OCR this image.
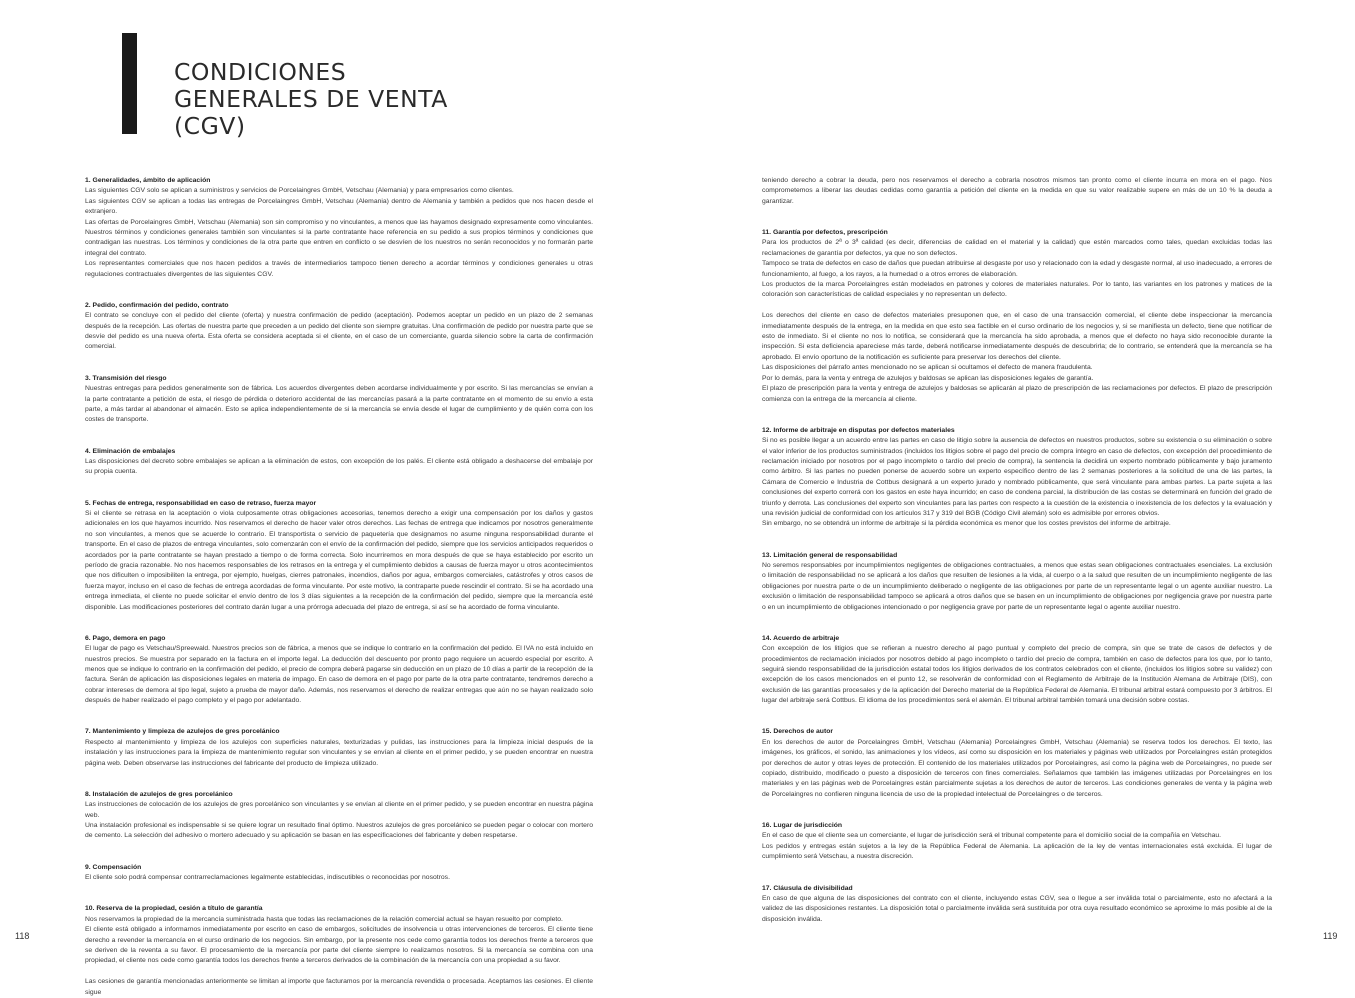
CONDICIONES
GENERALES DE VENTA
(CGV)
1. Generalidades, ámbito de aplicación
Las siguientes CGV solo se aplican a suministros y servicios de Porcelaingres GmbH, Vetschau (Alemania) y para empresarios como clientes.
Las siguientes CGV se aplican a todas las entregas de Porcelaingres GmbH, Vetschau (Alemania) dentro de Alemania y también a pedidos que nos hacen desde el extranjero.
Las ofertas de Porcelaingres GmbH, Vetschau (Alemania) son sin compromiso y no vinculantes, a menos que las hayamos designado expresamente como vinculantes. Nuestros términos y condiciones generales también son vinculantes si la parte contratante hace referencia en su pedido a sus propios términos y condiciones que contradigan las nuestras. Los términos y condiciones de la otra parte que entren en conflicto o se desvíen de los nuestros no serán reconocidos y no formarán parte integral del contrato.
Los representantes comerciales que nos hacen pedidos a través de intermediarios tampoco tienen derecho a acordar términos y condiciones generales u otras regulaciones contractuales divergentes de las siguientes CGV.
2. Pedido, confirmación del pedido, contrato
El contrato se concluye con el pedido del cliente (oferta) y nuestra confirmación de pedido (aceptación). Podemos aceptar un pedido en un plazo de 2 semanas después de la recepción. Las ofertas de nuestra parte que preceden a un pedido del cliente son siempre gratuitas. Una confirmación de pedido por nuestra parte que se desvíe del pedido es una nueva oferta. Esta oferta se considera aceptada si el cliente, en el caso de un comerciante, guarda silencio sobre la carta de confirmación comercial.
3. Transmisión del riesgo
Nuestras entregas para pedidos generalmente son de fábrica. Los acuerdos divergentes deben acordarse individualmente y por escrito. Si las mercancías se envían a la parte contratante a petición de esta, el riesgo de pérdida o deterioro accidental de las mercancías pasará a la parte contratante en el momento de su envío a esta parte, a más tardar al abandonar el almacén. Esto se aplica independientemente de si la mercancía se envía desde el lugar de cumplimiento y de quién corra con los costes de transporte.
4. Eliminación de embalajes
Las disposiciones del decreto sobre embalajes se aplican a la eliminación de estos, con excepción de los palés. El cliente está obligado a deshacerse del embalaje por su propia cuenta.
5. Fechas de entrega, responsabilidad en caso de retraso, fuerza mayor
Si el cliente se retrasa en la aceptación o viola culposamente otras obligaciones accesorias, tenemos derecho a exigir una compensación por los daños y gastos adicionales en los que hayamos incurrido. Nos reservamos el derecho de hacer valer otros derechos. Las fechas de entrega que indicamos por nosotros generalmente no son vinculantes, a menos que se acuerde lo contrario. El transportista o servicio de paquetería que designamos no asume ninguna responsabilidad durante el transporte. En el caso de plazos de entrega vinculantes, solo comenzarán con el envío de la confirmación del pedido, siempre que los servicios anticipados requeridos o acordados por la parte contratante se hayan prestado a tiempo o de forma correcta. Solo incurriremos en mora después de que se haya establecido por escrito un período de gracia razonable. No nos hacemos responsables de los retrasos en la entrega y el cumplimiento debidos a causas de fuerza mayor u otros acontecimientos que nos dificulten o imposibiliten la entrega, por ejemplo, huelgas, cierres patronales, incendios, daños por agua, embargos comerciales, catástrofes y otros casos de fuerza mayor, incluso en el caso de fechas de entrega acordadas de forma vinculante. Por este motivo, la contraparte puede rescindir el contrato. Si se ha acordado una entrega inmediata, el cliente no puede solicitar el envío dentro de los 3 días siguientes a la recepción de la confirmación del pedido, siempre que la mercancía esté disponible. Las modificaciones posteriores del contrato darán lugar a una prórroga adecuada del plazo de entrega, si así se ha acordado de forma vinculante.
6. Pago, demora en pago
El lugar de pago es Vetschau/Spreewald. Nuestros precios son de fábrica, a menos que se indique lo contrario en la confirmación del pedido. El IVA no está incluido en nuestros precios. Se muestra por separado en la factura en el importe legal. La deducción del descuento por pronto pago requiere un acuerdo especial por escrito. A menos que se indique lo contrario en la confirmación del pedido, el precio de compra deberá pagarse sin deducción en un plazo de 10 días a partir de la recepción de la factura. Serán de aplicación las disposiciones legales en materia de impago. En caso de demora en el pago por parte de la otra parte contratante, tendremos derecho a cobrar intereses de demora al tipo legal, sujeto a prueba de mayor daño. Además, nos reservamos el derecho de realizar entregas que aún no se hayan realizado solo después de haber realizado el pago completo y el pago por adelantado.
7. Mantenimiento y limpieza de azulejos de gres porcelánico
Respecto al mantenimiento y limpieza de los azulejos con superficies naturales, texturizadas y pulidas, las instrucciones para la limpieza inicial después de la instalación y las instrucciones para la limpieza de mantenimiento regular son vinculantes y se envían al cliente en el primer pedido, y se pueden encontrar en nuestra página web. Deben observarse las instrucciones del fabricante del producto de limpieza utilizado.
8. Instalación de azulejos de gres porcelánico
Las instrucciones de colocación de los azulejos de gres porcelánico son vinculantes y se envían al cliente en el primer pedido, y se pueden encontrar en nuestra página web.
Una instalación profesional es indispensable si se quiere lograr un resultado final óptimo. Nuestros azulejos de gres porcelánico se pueden pegar o colocar con mortero de cemento. La selección del adhesivo o mortero adecuado y su aplicación se basan en las especificaciones del fabricante y deben respetarse.
9. Compensación
El cliente solo podrá compensar contrarreclamaciones legalmente establecidas, indiscutibles o reconocidas por nosotros.
10. Reserva de la propiedad, cesión a título de garantía
Nos reservamos la propiedad de la mercancía suministrada hasta que todas las reclamaciones de la relación comercial actual se hayan resuelto por completo.
El cliente está obligado a informarnos inmediatamente por escrito en caso de embargos, solicitudes de insolvencia u otras intervenciones de terceros. El cliente tiene derecho a revender la mercancía en el curso ordinario de los negocios. Sin embargo, por la presente nos cede como garantía todos los derechos frente a terceros que se deriven de la reventa a su favor. El procesamiento de la mercancía por parte del cliente siempre lo realizamos nosotros. Si la mercancía se combina con una propiedad, el cliente nos cede como garantía todos los derechos frente a terceros derivados de la combinación de la mercancía con una propiedad a su favor.
Las cesiones de garantía mencionadas anteriormente se limitan al importe que facturamos por la mercancía revendida o procesada. Aceptamos las cesiones. El cliente sigue
teniendo derecho a cobrar la deuda, pero nos reservamos el derecho a cobrarla nosotros mismos tan pronto como el cliente incurra en mora en el pago. Nos comprometemos a liberar las deudas cedidas como garantía a petición del cliente en la medida en que su valor realizable supere en más de un 10 % la deuda a garantizar.
11. Garantía por defectos, prescripción
Para los productos de 2ª o 3ª calidad (es decir, diferencias de calidad en el material y la calidad) que estén marcados como tales, quedan excluidas todas las reclamaciones de garantía por defectos, ya que no son defectos.
Tampoco se trata de defectos en caso de daños que puedan atribuirse al desgaste por uso y relacionado con la edad y desgaste normal, al uso inadecuado, a errores de funcionamiento, al fuego, a los rayos, a la humedad o a otros errores de elaboración.
Los productos de la marca Porcelaingres están modelados en patrones y colores de materiales naturales. Por lo tanto, las variantes en los patrones y matices de la coloración son características de calidad especiales y no representan un defecto.
Los derechos del cliente en caso de defectos materiales presuponen que, en el caso de una transacción comercial, el cliente debe inspeccionar la mercancía inmediatamente después de la entrega, en la medida en que esto sea factible en el curso ordinario de los negocios y, si se manifiesta un defecto, tiene que notificar de esto de inmediato. Si el cliente no nos lo notifica, se considerará que la mercancía ha sido aprobada, a menos que el defecto no haya sido reconocible durante la inspección. Si esta deficiencia apareciese más tarde, deberá notificarse inmediatamente después de descubrirla; de lo contrario, se entenderá que la mercancía se ha aprobado. El envío oportuno de la notificación es suficiente para preservar los derechos del cliente.
Las disposiciones del párrafo antes mencionado no se aplican si ocultamos el defecto de manera fraudulenta.
Por lo demás, para la venta y entrega de azulejos y baldosas se aplican las disposiciones legales de garantía.
El plazo de prescripción para la venta y entrega de azulejos y baldosas se aplicarán al plazo de prescripción de las reclamaciones por defectos. El plazo de prescripción comienza con la entrega de la mercancía al cliente.
12. Informe de arbitraje en disputas por defectos materiales
Si no es posible llegar a un acuerdo entre las partes en caso de litigio sobre la ausencia de defectos en nuestros productos, sobre su existencia o su eliminación o sobre el valor inferior de los productos suministrados (incluidos los litigios sobre el pago del precio de compra íntegro en caso de defectos, con excepción del procedimiento de reclamación iniciado por nosotros por el pago incompleto o tardío del precio de compra), la sentencia la decidirá un experto nombrado públicamente y bajo juramento como árbitro. Si las partes no pueden ponerse de acuerdo sobre un experto específico dentro de las 2 semanas posteriores a la solicitud de una de las partes, la Cámara de Comercio e Industria de Cottbus designará a un experto jurado y nombrado públicamente, que será vinculante para ambas partes. La parte sujeta a las conclusiones del experto correrá con los gastos en este haya incurrido; en caso de condena parcial, la distribución de las costas se determinará en función del grado de triunfo y derrota. Las conclusiones del experto son vinculantes para las partes con respecto a la cuestión de la existencia o inexistencia de los defectos y la evaluación y una revisión judicial de conformidad con los artículos 317 y 319 del BGB (Código Civil alemán) solo es admisible por errores obvios.
Sin embargo, no se obtendrá un informe de arbitraje si la pérdida económica es menor que los costes previstos del informe de arbitraje.
13. Limitación general de responsabilidad
No seremos responsables por incumplimientos negligentes de obligaciones contractuales, a menos que estas sean obligaciones contractuales esenciales. La exclusión o limitación de responsabilidad no se aplicará a los daños que resulten de lesiones a la vida, al cuerpo o a la salud que resulten de un incumplimiento negligente de las obligaciones por nuestra parte o de un incumplimiento deliberado o negligente de las obligaciones por parte de un representante legal o un agente auxiliar nuestro. La exclusión o limitación de responsabilidad tampoco se aplicará a otros daños que se basen en un incumplimiento de obligaciones por negligencia grave por nuestra parte o en un incumplimiento de obligaciones intencionado o por negligencia grave por parte de un representante legal o agente auxiliar nuestro.
14. Acuerdo de arbitraje
Con excepción de los litigios que se refieran a nuestro derecho al pago puntual y completo del precio de compra, sin que se trate de casos de defectos y de procedimientos de reclamación iniciados por nosotros debido al pago incompleto o tardío del precio de compra, también en caso de defectos para los que, por lo tanto, seguirá siendo responsabilidad de la jurisdicción estatal todos los litigios derivados de los contratos celebrados con el cliente, (incluidos los litigios sobre su validez) con excepción de los casos mencionados en el punto 12, se resolverán de conformidad con el Reglamento de Arbitraje de la Institución Alemana de Arbitraje (DIS), con exclusión de las garantías procesales y de la aplicación del Derecho material de la República Federal de Alemania. El tribunal arbitral estará compuesto por 3 árbitros. El lugar del arbitraje será Cottbus. El idioma de los procedimientos será el alemán. El tribunal arbitral también tomará una decisión sobre costas.
15. Derechos de autor
En los derechos de autor de Porcelaingres GmbH, Vetschau (Alemania) Porcelaingres GmbH, Vetschau (Alemania) se reserva todos los derechos. El texto, las imágenes, los gráficos, el sonido, las animaciones y los vídeos, así como su disposición en los materiales y páginas web utilizados por Porcelaingres están protegidos por derechos de autor y otras leyes de protección. El contenido de los materiales utilizados por Porcelaingres, así como la página web de Porcelaingres, no puede ser copiado, distribuido, modificado o puesto a disposición de terceros con fines comerciales. Señalamos que también las imágenes utilizadas por Porcelaingres en los materiales y en las páginas web de Porcelaingres están parcialmente sujetas a los derechos de autor de terceros. Las condiciones generales de venta y la página web de Porcelaingres no confieren ninguna licencia de uso de la propiedad intelectual de Porcelaingres o de terceros.
16. Lugar de jurisdicción
En el caso de que el cliente sea un comerciante, el lugar de jurisdicción será el tribunal competente para el domicilio social de la compañía en Vetschau.
Los pedidos y entregas están sujetos a la ley de la República Federal de Alemania. La aplicación de la ley de ventas internacionales está excluida. El lugar de cumplimiento será Vetschau, a nuestra discreción.
17. Cláusula de divisibilidad
En caso de que alguna de las disposiciones del contrato con el cliente, incluyendo estas CGV, sea o llegue a ser inválida total o parcialmente, esto no afectará a la validez de las disposiciones restantes. La disposición total o parcialmente inválida será sustituida por otra cuya resultado económico se aproxime lo más posible al de la disposición inválida.
118	119
